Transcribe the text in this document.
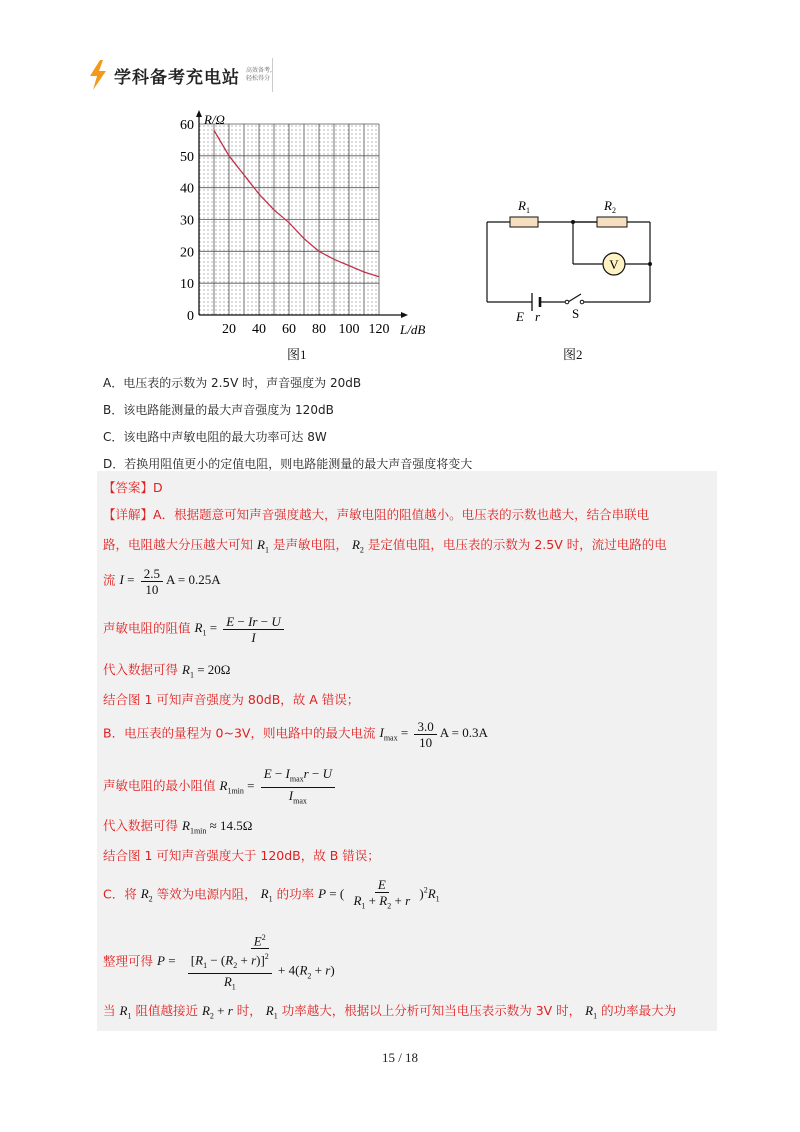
学科备考充电站 高效备考,
轻松得分
60
50
40
30
20
10
0
20 40 60 80 100 120
R/Ω
L/dB
图1
V
$R_1$	$R_2$
E r S
图2
A．电压表的示数为 2.5V 时，声音强度为 20dB
B．该电路能测量的最大声音强度为 120dB
C．该电路中声敏电阻的最大功率可达 8W
D．若换用阻值更小的定值电阻，则电路能测量的最大声音强度将变大
【答案】D
【详解】A．根据题意可知声音强度越大，声敏电阻的阻值越小。电压表的示数也越大，结合串联电
路，电阻越大分压越大可知 $R_1$ 是声敏电阻， $R_2$ 是定值电阻，电压表的示数为 2.5V 时，流过电路的电
流 $I = \frac{2.5}{10}$ A = 0.25A
声敏电阻的阻值 $R_1 = \frac{E - Ir - U}{I}$
代入数据可得 $R_1 = 20\Omega$
结合图 1 可知声音强度为 80dB，故 A 错误；
B．电压表的量程为 0~3V，则电路中的最大电流 $I_{max} = \frac{3.0}{10}$ A = 0.3A
声敏电阻的最小阻值 $R_{1min} = \frac{E - I_{max}r - U}{I_{max}}$
代入数据可得 $R_{1min} \approx 14.5\Omega$
结合图 1 可知声音强度大于 120dB，故 B 错误；
C．将 $R_2$ 等效为电源内阻， $R_1$ 的功率 P = ( $\frac{E}{R_1 + R_2 + r} )^2R_1$
整理可得 $P = \frac{E^2}{\frac{[R_1 - (R_2 + r)]^2}{R_1} + 4(R_2 + r)}$
当 $R_1$ 阻值越接近 $R_2 + r$ 时， $R_1$ 功率越大，根据以上分析可知当电压表示数为 3V 时， $R_1$ 的功率最大为
15 / 18
